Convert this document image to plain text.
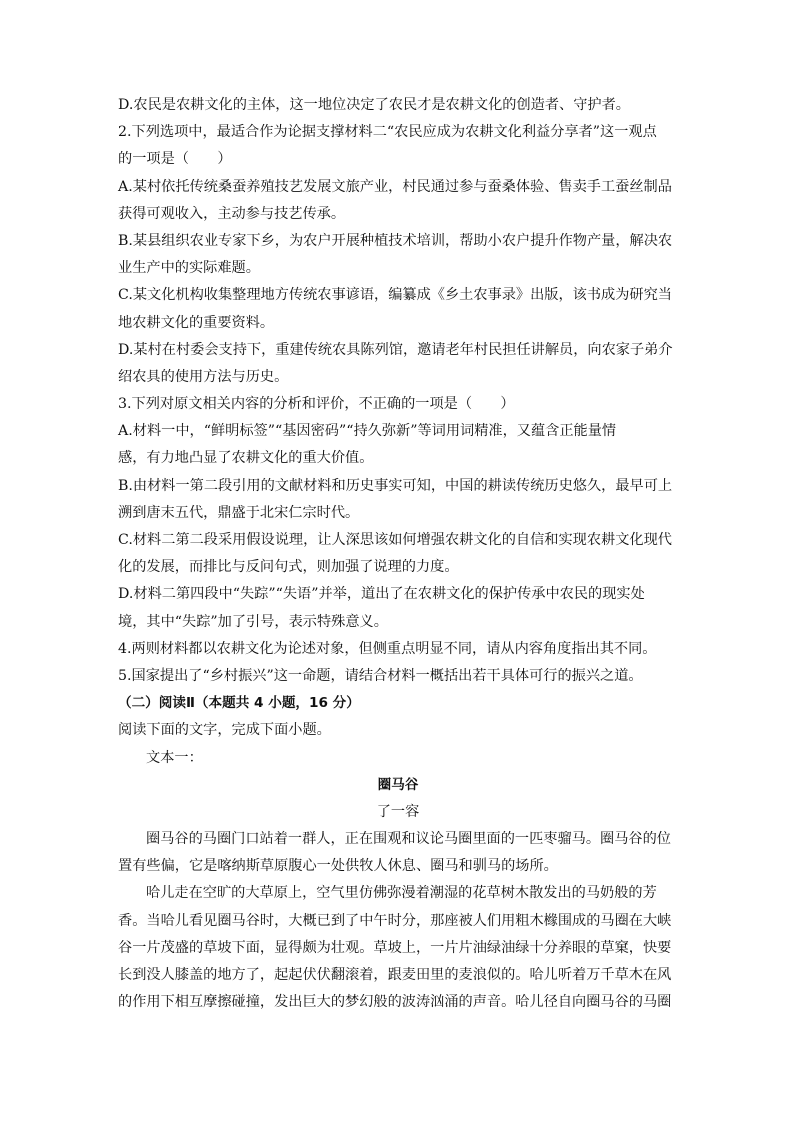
D.农民是农耕文化的主体，这一地位决定了农民才是农耕文化的创造者、守护者。
2.下列选项中，最适合作为论据支撑材料二“农民应成为农耕文化利益分享者”这一观点
的一项是（　　）
A.某村依托传统桑蚕养殖技艺发展文旅产业，村民通过参与蚕桑体验、售卖手工蚕丝制品
获得可观收入，主动参与技艺传承。
B.某县组织农业专家下乡，为农户开展种植技术培训，帮助小农户提升作物产量，解决农
业生产中的实际难题。
C.某文化机构收集整理地方传统农事谚语，编纂成《乡土农事录》出版，该书成为研究当
地农耕文化的重要资料。
D.某村在村委会支持下，重建传统农具陈列馆，邀请老年村民担任讲解员，向农家子弟介
绍农具的使用方法与历史。
3.下列对原文相关内容的分析和评价，不正确的一项是（　　）
A.材料一中，“鲜明标签”“基因密码”“持久弥新”等词用词精准，又蕴含正能量情
感，有力地凸显了农耕文化的重大价值。
B.由材料一第二段引用的文献材料和历史事实可知，中国的耕读传统历史悠久，最早可上
溯到唐末五代，鼎盛于北宋仁宗时代。
C.材料二第二段采用假设说理，让人深思该如何增强农耕文化的自信和实现农耕文化现代
化的发展，而排比与反问句式，则加强了说理的力度。
D.材料二第四段中“失踪”“失语”并举，道出了在农耕文化的保护传承中农民的现实处
境，其中“失踪”加了引号，表示特殊意义。
4.两则材料都以农耕文化为论述对象，但侧重点明显不同，请从内容角度指出其不同。
5.国家提出了“乡村振兴”这一命题，请结合材料一概括出若干具体可行的振兴之道。
（二）阅读Ⅱ（本题共 4 小题，16 分）
阅读下面的文字，完成下面小题。
文本一：
圈马谷
了一容
圈马谷的马圈门口站着一群人，正在围观和议论马圈里面的一匹枣骝马。圈马谷的位
置有些偏，它是喀纳斯草原腹心一处供牧人休息、圈马和驯马的场所。
哈儿走在空旷的大草原上，空气里仿佛弥漫着潮湿的花草树木散发出的马奶般的芳
香。当哈儿看见圈马谷时，大概已到了中午时分，那座被人们用粗木橼围成的马圈在大峡
谷一片茂盛的草坡下面，显得颇为壮观。草坡上，一片片油绿油绿十分养眼的草窠，快要
长到没人膝盖的地方了，起起伏伏翻滚着，跟麦田里的麦浪似的。哈儿听着万千草木在风
的作用下相互摩擦碰撞，发出巨大的梦幻般的波涛汹涌的声音。哈儿径自向圈马谷的马圈
